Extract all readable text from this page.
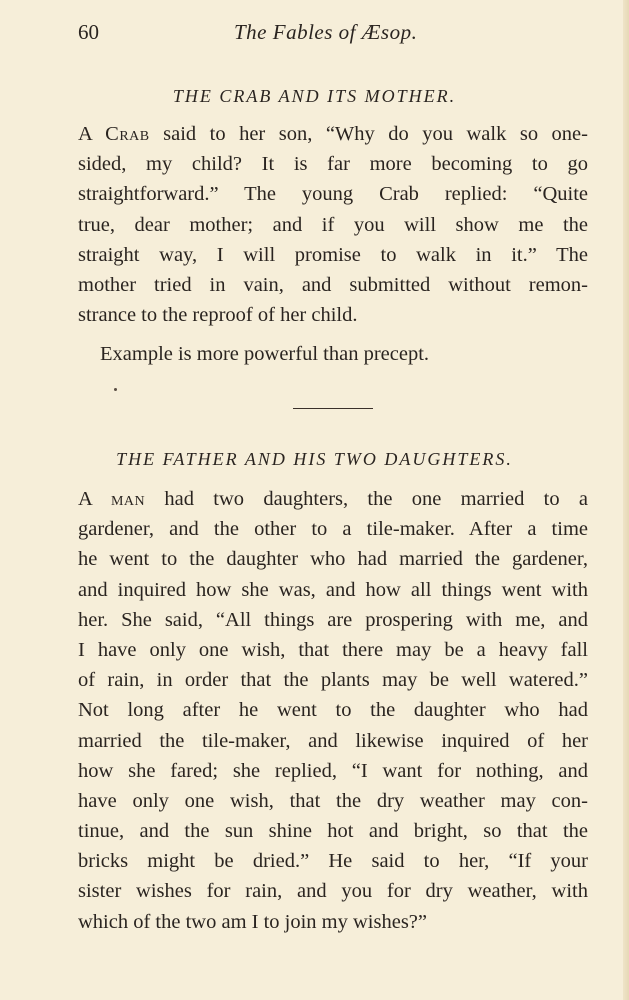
60	The Fables of Æsop.
THE CRAB AND ITS MOTHER.
A Crab said to her son, “Why do you walk so one-
sided, my child? It is far more becoming to go
straightforward.” The young Crab replied: “Quite
true, dear mother; and if you will show me the
straight way, I will promise to walk in it.” The
mother tried in vain, and submitted without remon-
strance to the reproof of her child.
Example is more powerful than precept.
THE FATHER AND HIS TWO DAUGHTERS.
A man had two daughters, the one married to a
gardener, and the other to a tile-maker. After a time
he went to the daughter who had married the gardener,
and inquired how she was, and how all things went with
her. She said, “All things are prospering with me, and
I have only one wish, that there may be a heavy fall
of rain, in order that the plants may be well watered.”
Not long after he went to the daughter who had
married the tile-maker, and likewise inquired of her
how she fared; she replied, “I want for nothing, and
have only one wish, that the dry weather may con-
tinue, and the sun shine hot and bright, so that the
bricks might be dried.” He said to her, “If your
sister wishes for rain, and you for dry weather, with
which of the two am I to join my wishes?”
